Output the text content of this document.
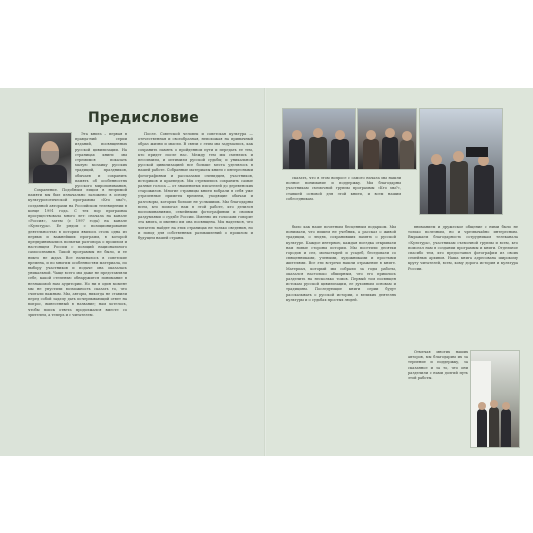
Предисловие

Эта книга – первая в правда-ний серии изданий, посвященных русской цивилизации. На страницах книги мы стремимся показать малую мозаику русских традиций, праздников, обычаев и сохранить память об особенностях русского миропонимания,

Сохранение. Подобным лицом в незримой памяти мы был изначально заложено в основу культурологической программы «Кто мы?», созданной авторами на Российском телевидении в конце 1991 года. С тех пор программа просуществовала много лет: сначала на канале «Россия», затем (с 1997 года) на канале «Культура». Ее рядом с позиционирование деятельностью в истории явилось столь одна из первых и важнейших программ, в которой предпринимались попытки разговора о прошлом и настоящем России с позиций национального самосознания. Такой программы не было, и ее никто не ждал. Все начиналось в советские времена, и по многим особенностям материала, по выбору участников и подаче она оказалась уникальной. Чаще всего мы даже не представляли себе, какой степенью обнаружится понимание в незнакомой нам аудитории. Но ни в один момент мы не упустили возможность сказать то, что считали важным. Мы, авторы, никогда не ставили перед собой задачу дать исчерпывающий ответ на вопрос, вынесенный в название; нам хотелось, чтобы поиск ответа продолжался вместе со зрителем, а теперь и с читателем.

После. Советской человек и советская культура — отечественная и своеобразная, непохожая на привычный образ жизни и мысли. В связи с этим мы задумались, как сохранить память о пройденном пути и передать ее тем, кто придет после нас. Между тем мы смеялись и пессимизм, и оптимизм русской судьбы; и уникальной русской цивилизацией все больше места уделялось в нашей работе. Собранные материалы книги с интересными фотографиями и рассказами очевидцев, участников, историков и краеведов. Мы стремились сохранить самые разные голоса — от знаменитых писателей до деревенских старожилов. Многие страницы книги вобрали в себя уже утраченные приметы времени, уходящие обычаи и разговоры, которых больше не услышишь. Мы благодарны всем, кто помогал нам в этой работе, кто делился воспоминаниями, семейными фотографиями и своими раздумьями о судьбе России. Именно их голосами говорит эта книга, и именно им она посвящена. Мы надеемся, что читатель найдет на этих страницах не только сведения, но и повод для собственных размышлений о прошлом и будущем нашей страны.

сказать, что в этом вопросе с самого начала мы нашли полное понимание и поддержку. Мы благодарны участникам съемочной группы программы «Кто мы?», ставшей основой для этой книги, и всем нашим собеседникам.

было как наше почетным бесценным подарком. Мы понимали, что пишем не учебник, а рассказ о живой традиции, о людях, сохранивших память о русской культуре. Каждое интервью, каждая поездка открывали нам новые стороны истории. Мы посетили десятки городов и сел, монастырей и усадеб, беседовали со священниками, учеными, художниками и простыми жителями. Все эти встречи нашли отражение в книге. Материал, который мы собрали за годы работы, оказался настолько обширным, что его пришлось разделить на несколько томов. Первый том посвящен истокам русской цивилизации, ее духовным основам и традициям. Последующие книги серии будут рассказывать о русской истории, о великих деятелях культуры и о судьбах простых людей.

вниманием и дружеское общение с ними было не только полезным, но и чрезвычайно интересным. Выражаем благодарность сотрудникам телеканала «Культура», участникам съемочной группы и всем, кто помогал нам в создании программы и книги. Отдельное спасибо тем, кто предоставил фотографии из своих семейных архивов. Наша книга адресована широкому кругу читателей, всем, кому дорога история и культура России.

Отмечая многих наших авторов, мы благодарим их за терпение и поддержку, за сказанное и за то, что они разделили с нами долгий путь этой работы.
